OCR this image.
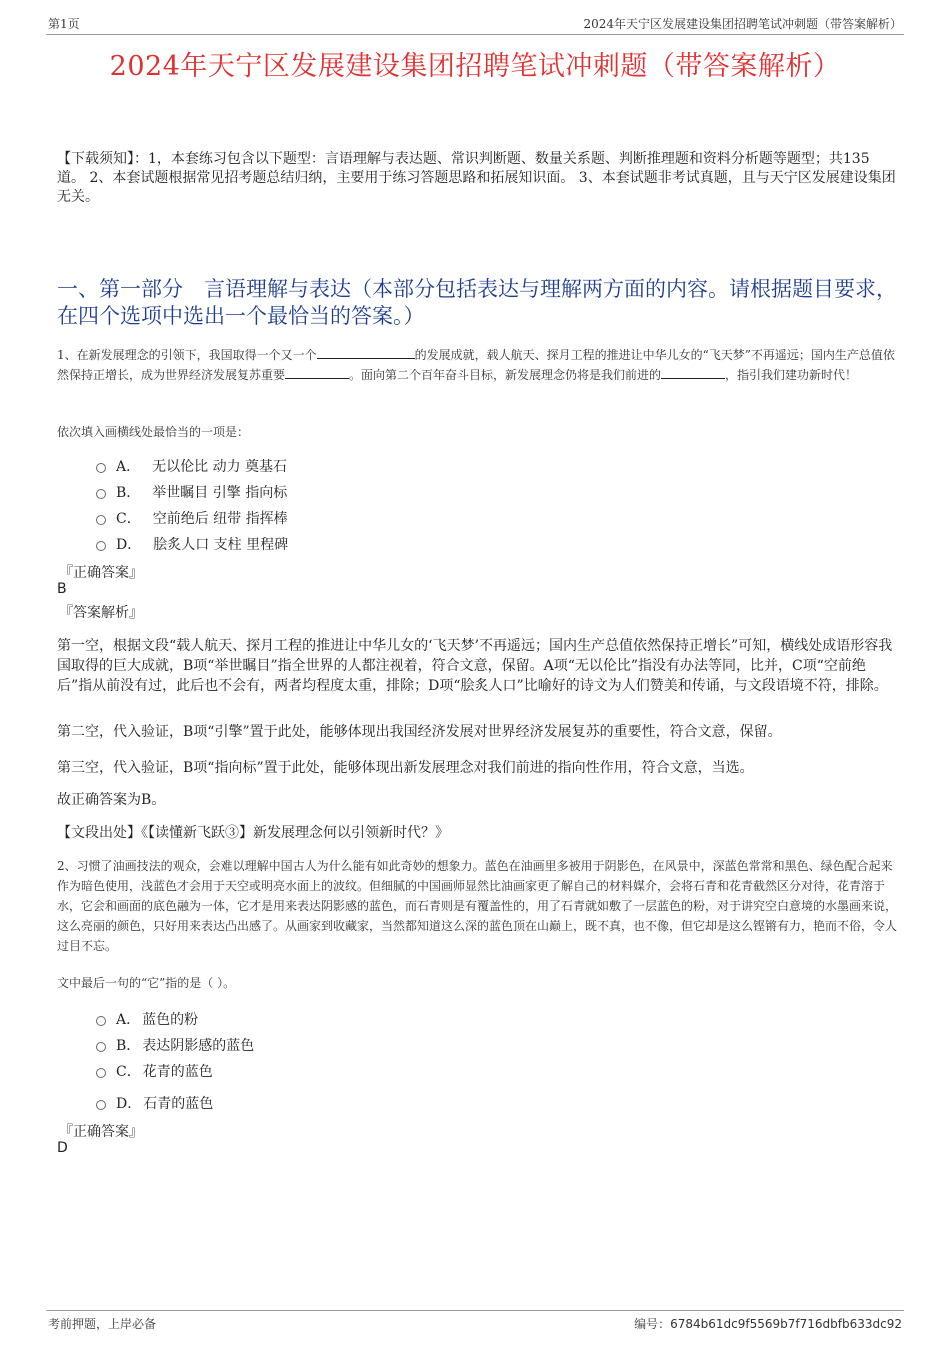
第1页	2024年天宁区发展建设集团招聘笔试冲刺题（带答案解析）
2024年天宁区发展建设集团招聘笔试冲刺题（带答案解析）
【下载须知】：1，本套练习包含以下题型：言语理解与表达题、常识判断题、数量关系题、判断推理题和资料分析题等题型；共135道。 2、本套试题根据常见招考题总结归纳，主要用于练习答题思路和拓展知识面。 3、本套试题非考试真题，且与天宁区发展建设集团无关。
一、第一部分　言语理解与表达（本部分包括表达与理解两方面的内容。请根据题目要求，在四个选项中选出一个最恰当的答案。）
1、在新发展理念的引领下，我国取得一个又一个	的发展成就，载人航天、探月工程的推进让中华儿女的“飞天梦”不再遥远；国内生产总值依然保持正增长，成为世界经济发展复苏重要	。面向第二个百年奋斗目标，新发展理念仍将是我们前进的	，指引我们建功新时代！
依次填入画横线处最恰当的一项是：
A． 无以伦比 动力 奠基石
B． 举世瞩目 引擎 指向标
C． 空前绝后 纽带 指挥棒
D． 脍炙人口 支柱 里程碑
『正确答案』
B
『答案解析』
第一空，根据文段“载人航天、探月工程的推进让中华儿女的‘飞天梦’不再遥远；国内生产总值依然保持正增长”可知，横线处成语形容我国取得的巨大成就，B项“举世瞩目”指全世界的人都注视着，符合文意，保留。A项“无以伦比”指没有办法等同，比并，C项“空前绝后”指从前没有过，此后也不会有，两者均程度太重，排除；D项“脍炙人口”比喻好的诗文为人们赞美和传诵，与文段语境不符，排除。
第二空，代入验证，B项“引擎”置于此处，能够体现出我国经济发展对世界经济发展复苏的重要性，符合文意，保留。
第三空，代入验证，B项“指向标”置于此处，能够体现出新发展理念对我们前进的指向性作用，符合文意，当选。
故正确答案为B。
【文段出处】《【读懂新飞跃③】新发展理念何以引领新时代？》
2、习惯了油画技法的观众，会难以理解中国古人为什么能有如此奇妙的想象力。蓝色在油画里多被用于阴影色，在风景中，深蓝色常常和黑色、绿色配合起来作为暗色使用，浅蓝色才会用于天空或明亮水面上的波纹。但细腻的中国画师显然比油画家更了解自己的材料媒介，会将石青和花青截然区分对待，花青溶于水，它会和画面的底色融为一体，它才是用来表达阴影感的蓝色，而石青则是有覆盖性的，用了石青就如敷了一层蓝色的粉，对于讲究空白意境的水墨画来说，这么亮丽的颜色，只好用来表达凸出感了。从画家到收藏家，当然都知道这么深的蓝色顶在山巅上，既不真，也不像，但它却是这么铿锵有力，艳而不俗，令人过目不忘。
文中最后一句的“它”指的是（ ）。
A． 蓝色的粉
B． 表达阴影感的蓝色
C． 花青的蓝色
D． 石青的蓝色
『正确答案』
D
考前押题，上岸必备	编号：6784b61dc9f5569b7f716dbfb633dc92
